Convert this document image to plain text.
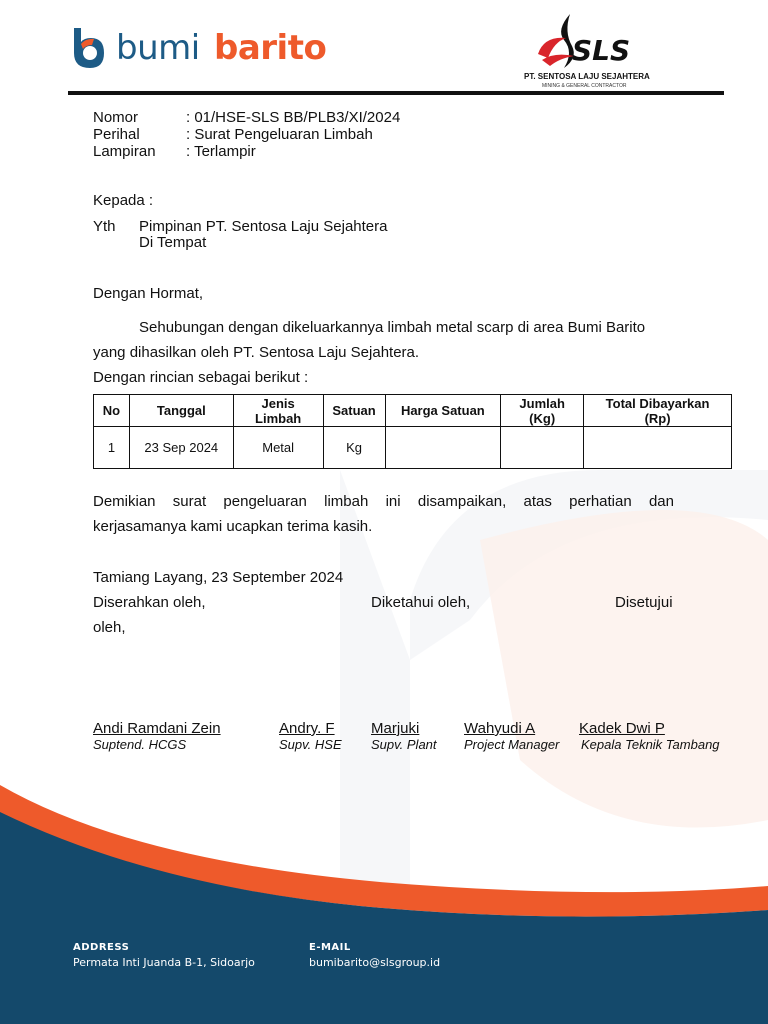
bumi barito	SLS
PT. SENTOSA LAJU SEJAHTERA
MINING & GENERAL CONTRACTOR
Nomor	: 01/HSE-SLS BB/PLB3/XI/2024
Perihal	: Surat Pengeluaran Limbah
Lampiran	: Terlampir
Kepada :
Yth Pimpinan PT. Sentosa Laju Sejahtera
Di Tempat
Dengan Hormat,
Sehubungan dengan dikeluarkannya limbah metal scarp di area Bumi Barito
yang dihasilkan oleh PT. Sentosa Laju Sejahtera.
Dengan rincian sebagai berikut :
No	Tanggal	Jenis Limbah	Satuan	Harga Satuan	Jumlah (Kg)	Total Dibayarkan (Rp)
1	23 Sep 2024	Metal	Kg			
Demikian surat pengeluaran limbah ini disampaikan, atas perhatian dan
kerjasamanya kami ucapkan terima kasih.
Tamiang Layang, 23 September 2024
Diserahkan oleh,	Diketahui oleh,	Disetujui
oleh,
Andi Ramdani Zein
Suptend. HCGS
Andry. F
Supv. HSE
Marjuki
Supv. Plant
Wahyudi A
Project Manager
Kadek Dwi P
Kepala Teknik Tambang
ADDRESS
Permata Inti Juanda B-1, Sidoarjo
E-MAIL
bumibarito@slsgroup.id
